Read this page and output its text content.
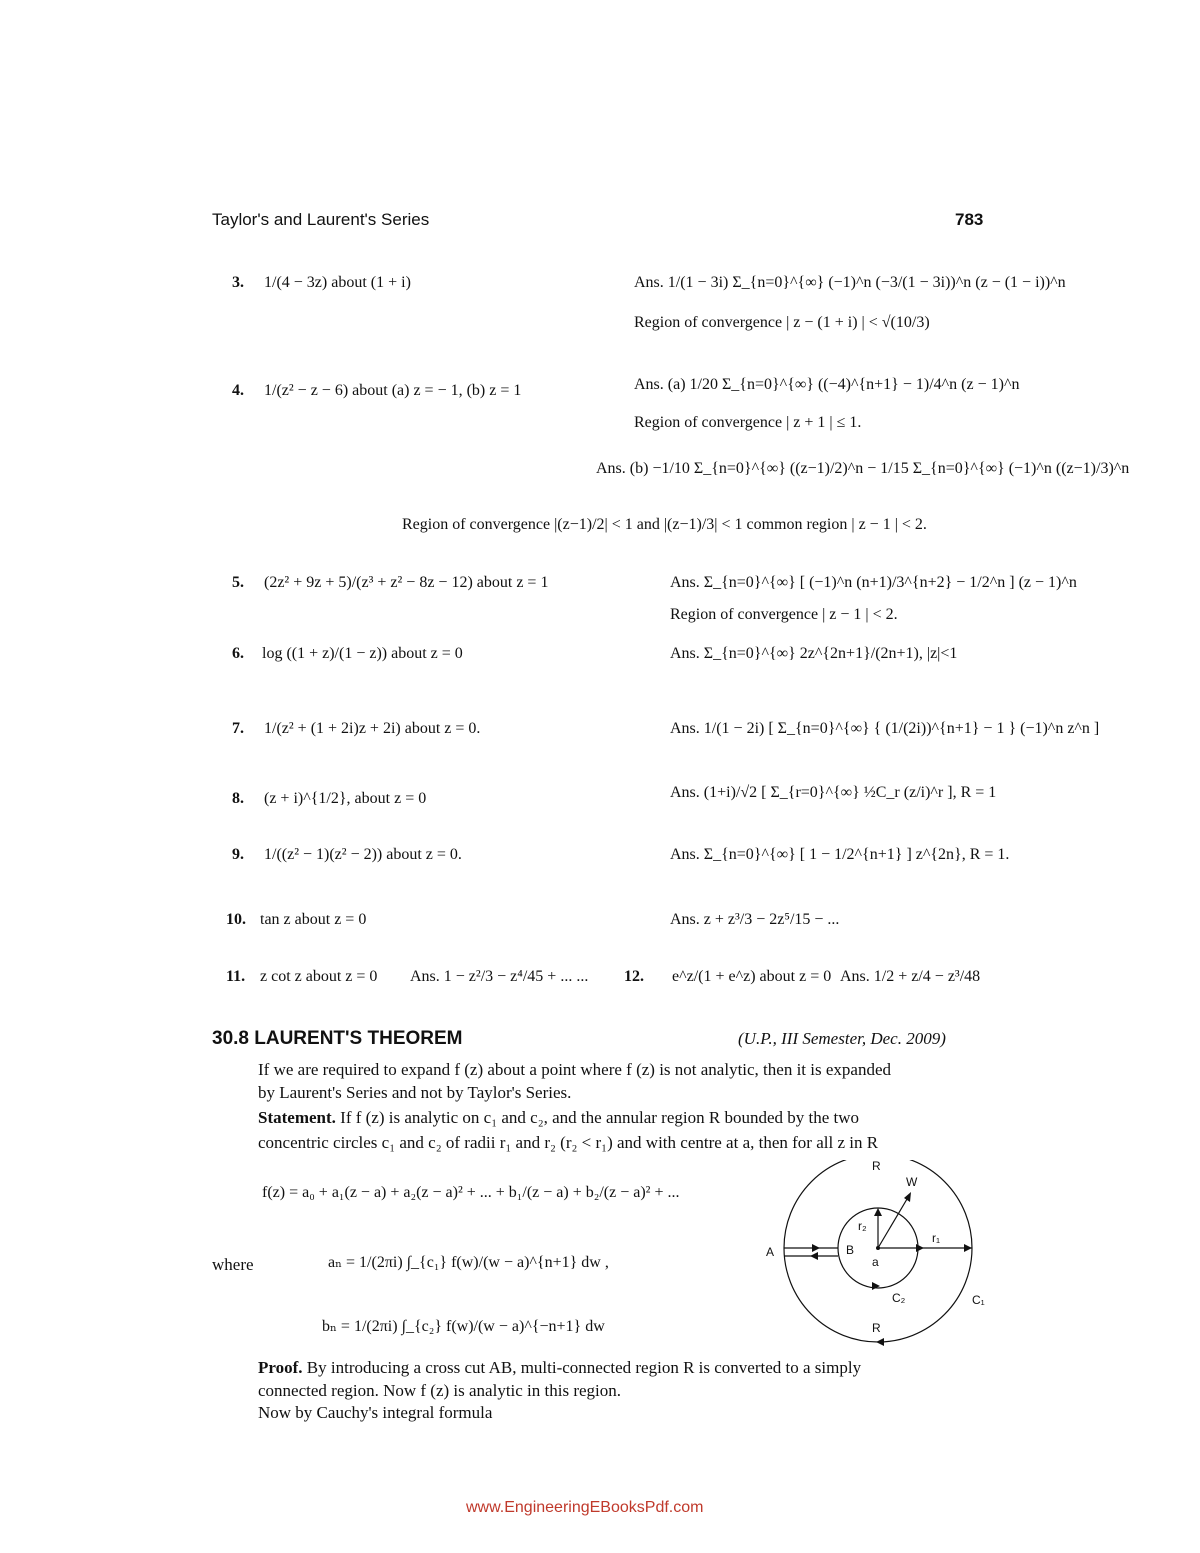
Taylor's and Laurent's Series	783
3. 1/(4 − 3z) about (1 + i)	Ans. 1/(1 − 3i) Σ_{n=0}^{∞} (−1)^n (−3/(1 − 3i))^n (z − (1 − i))^n
Region of convergence | z − (1 + i) | < √(10/3)
4. 1/(z² − z − 6) about (a) z = − 1, (b) z = 1	Ans. (a) 1/20 Σ_{n=0}^{∞} ((−4)^{n+1} − 1)/4^n (z − 1)^n
Region of convergence | z + 1 | ≤ 1.
Ans. (b) −1/10 Σ_{n=0}^{∞} ((z−1)/2)^n − 1/15 Σ_{n=0}^{∞} (−1)^n ((z−1)/3)^n
Region of convergence |(z−1)/2| < 1 and |(z−1)/3| < 1 common region | z − 1 | < 2.
5. (2z² + 9z + 5)/(z³ + z² − 8z − 12) about z = 1	Ans. Σ_{n=0}^{∞} [ (−1)^n (n+1)/3^{n+2} − 1/2^n ] (z − 1)^n
Region of convergence | z − 1 | < 2.
6. log ((1 + z)/(1 − z)) about z = 0	Ans. Σ_{n=0}^{∞} 2z^{2n+1}/(2n+1), |z|<1
7. 1/(z² + (1 + 2i)z + 2i) about z = 0.	Ans. 1/(1 − 2i) [ Σ_{n=0}^{∞} { (1/(2i))^{n+1} − 1 } (−1)^n z^n ]
8. (z + i)^{1/2}, about z = 0	Ans. (1+i)/√2 [ Σ_{r=0}^{∞} ½C_r (z/i)^r ], R = 1
9. 1/((z² − 1)(z² − 2)) about z = 0.	Ans. Σ_{n=0}^{∞} [ 1 − 1/2^{n+1} ] z^{2n}, R = 1.
10. tan z about z = 0	Ans. z + z³/3 − 2z⁵/15 − ...
11. z cot z about z = 0 Ans. 1 − z²/3 − z⁴/45 + ... ... 12. e^z/(1 + e^z) about z = 0 Ans. 1/2 + z/4 − z³/48
30.8 LAURENT'S THEOREM	(U.P., III Semester, Dec. 2009)
If we are required to expand f (z) about a point where f (z) is not analytic, then it is expanded
by Laurent's Series and not by Taylor's Series.
Statement. If f (z) is analytic on c₁ and c₂, and the annular region R bounded by the two
concentric circles c₁ and c₂ of radii r₁ and r₂ (r₂ < r₁) and with centre at a, then for all z in R
f(z) = a₀ + a₁(z − a) + a₂(z − a)² + ... + b₁/(z − a) + b₂/(z − a)² + ...
where	aₙ = 1/(2πi) ∫_{c₁} f(w)/(w − a)^{n+1} dw ,
bₙ = 1/(2πi) ∫_{c₂} f(w)/(w − a)^{−n+1} dw
R
W
A	B
a
r₂
r₁
C₁
C₂
R
Proof. By introducing a cross cut AB, multi-connected region R is converted to a simply
connected region. Now f (z) is analytic in this region.
Now by Cauchy's integral formula
www.EngineeringEBooksPdf.com
